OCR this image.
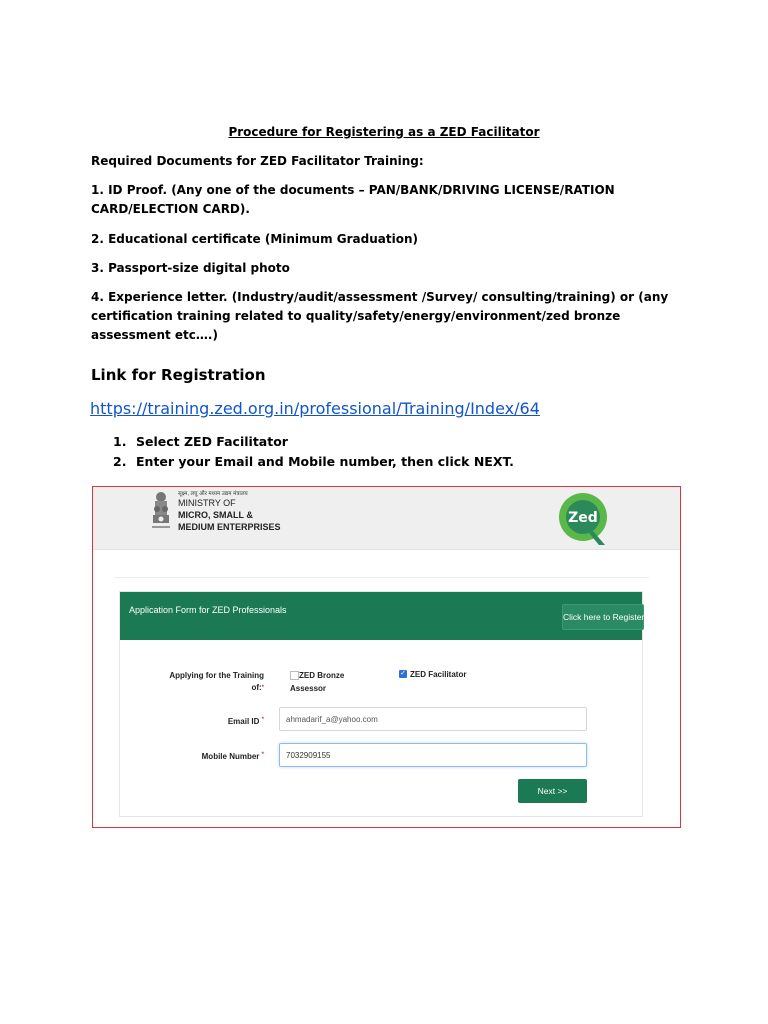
Procedure for Registering as a ZED Facilitator
Required Documents for ZED Facilitator Training:
1. ID Proof. (Any one of the documents – PAN/BANK/DRIVING LICENSE/RATION CARD/ELECTION CARD).
2. Educational certificate (Minimum Graduation)
3. Passport-size digital photo
4. Experience letter. (Industry/audit/assessment /Survey/ consulting/training) or (any certification training related to quality/safety/energy/environment/zed bronze assessment etc….)
Link for Registration
https://training.zed.org.in/professional/Training/Index/64
1. Select ZED Facilitator
2. Enter your Email and Mobile number, then click NEXT.
सूक्ष्म, लघु और मध्यम उद्यम मंत्रालय
MINISTRY OF
MICRO, SMALL &
MEDIUM ENTERPRISES
Zed
Application Form for ZED Professionals
Click here to Register
Applying for the Training of:*
ZED Bronze
Assessor
✓ ZED Facilitator
Email ID *	ahmadarif_a@yahoo.com
Mobile Number *	7032909155
Next >>
